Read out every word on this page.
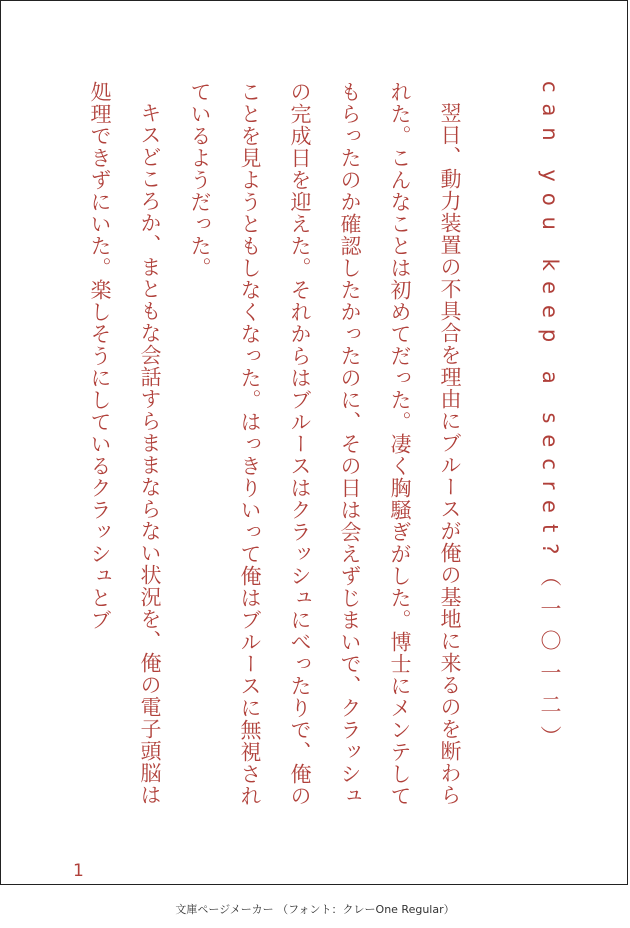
can you keep a secret?（一〇一二）

翌日、動力装置の不具合を理由にブルースが俺の基地に来るのを断わられた。こんなことは初めてだった。凄く胸騒ぎがした。博士にメンテしてもらったのか確認したかったのに、その日は会えずじまいで、クラッシュの完成日を迎えた。それからはブルースはクラッシュにべったりで、俺のことを見ようともしなくなった。はっきりいって俺はブルースに無視されているようだった。

キスどころか、まともな会話すらままならない状況を、俺の電子頭脳は処理できずにいた。楽しそうにしているクラッシュとブ

1
文庫ページメーカー （フォント：クレーOne Regular）
